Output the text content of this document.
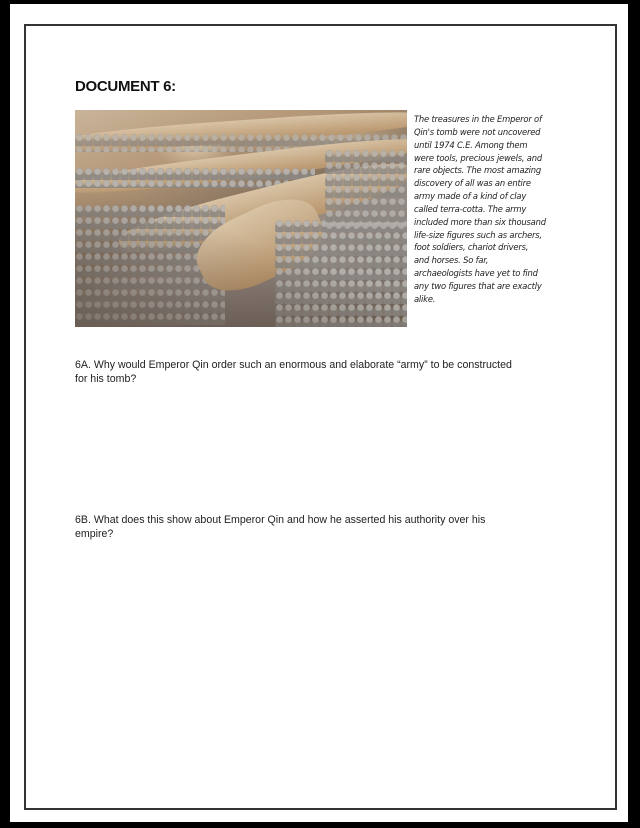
DOCUMENT 6:
The treasures in the Emperor of
Qin's tomb were not uncovered
until 1974 C.E. Among them
were tools, precious jewels, and
rare objects. The most amazing
discovery of all was an entire
army made of a kind of clay
called terra-cotta. The army
included more than six thousand
life-size figures such as archers,
foot soldiers, chariot drivers,
and horses. So far,
archaeologists have yet to find
any two figures that are exactly
alike.
6A. Why would Emperor Qin order such an enormous and elaborate “army” to be constructed
for his tomb?
6B. What does this show about Emperor Qin and how he asserted his authority over his
empire?
